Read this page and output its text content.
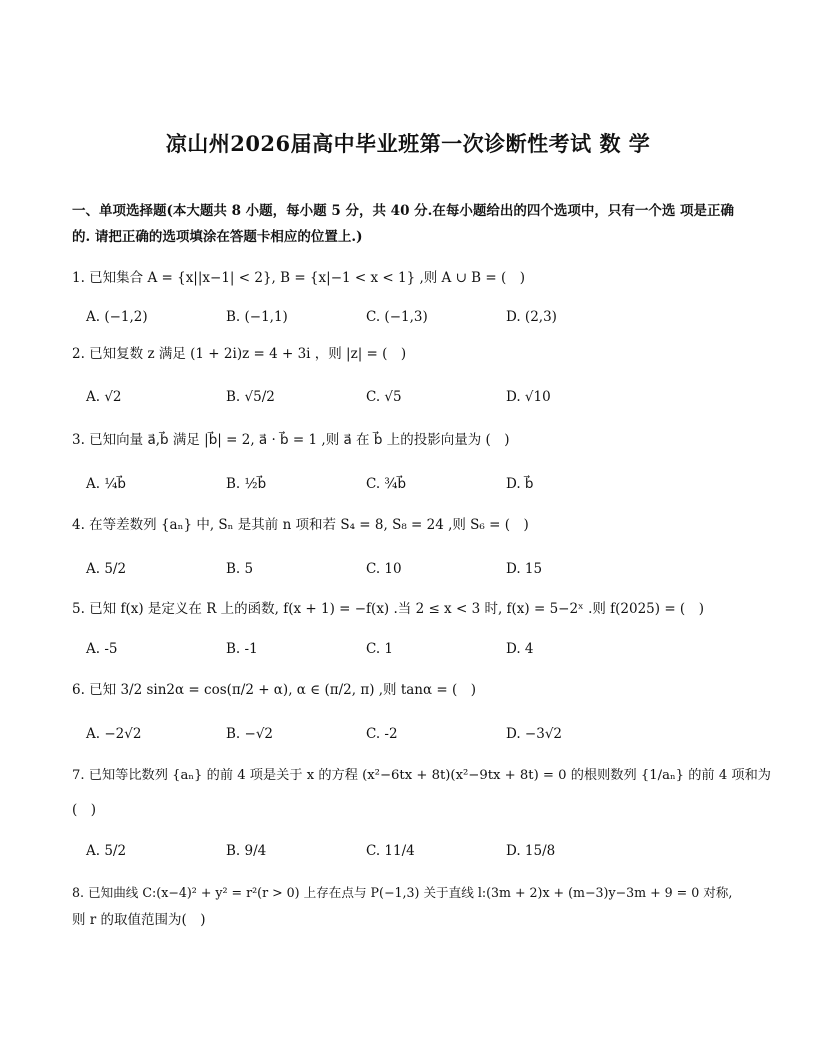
凉山州2026届高中毕业班第一次诊断性考试 数 学
一、单项选择题(本大题共 8 小题，每小题 5 分，共 40 分.在每小题给出的四个选项中，只有一个选 项是正确
的. 请把正确的选项填涂在答题卡相应的位置上.)
1. 已知集合 A = {x||x−1| < 2}, B = {x|−1 < x < 1} ,则 A ∪ B = (　)
A. (−1,2)	B. (−1,1)	C. (−1,3)	D. (2,3)
2. 已知复数 z 满足 (1 + 2i)z = 4 + 3i ，则 |z| = (　)
A. √2	B. √5/2	C. √5	D. √10
3. 已知向量 a⃗,b⃗ 满足 |b⃗| = 2, a⃗ · b⃗ = 1 ,则 a⃗ 在 b⃗ 上的投影向量为 (　)
A. ¼b⃗	B. ½b⃗	C. ¾b⃗	D. b⃗
4. 在等差数列 {aₙ} 中, Sₙ 是其前 n 项和若 S₄ = 8, S₈ = 24 ,则 S₆ = (　)
A. 5/2	B. 5	C. 10	D. 15
5. 已知 f(x) 是定义在 R 上的函数, f(x + 1) = −f(x) .当 2 ≤ x < 3 时, f(x) = 5−2ˣ .则 f(2025) = (　)
A. -5	B. -1	C. 1	D. 4
6. 已知 3/2 sin2α = cos(π/2 + α), α ∈ (π/2, π) ,则 tanα = (　)
A. −2√2	B. −√2	C. -2	D. −3√2
7. 已知等比数列 {aₙ} 的前 4 项是关于 x 的方程 (x²−6tx + 8t)(x²−9tx + 8t) = 0 的根则数列 {1/aₙ} 的前 4 项和为
(　)
A. 5/2	B. 9/4	C. 11/4	D. 15/8
8. 已知曲线 C:(x−4)² + y² = r²(r > 0) 上存在点与 P(−1,3) 关于直线 l:(3m + 2)x + (m−3)y−3m + 9 = 0 对称,
则 r 的取值范围为(　)
